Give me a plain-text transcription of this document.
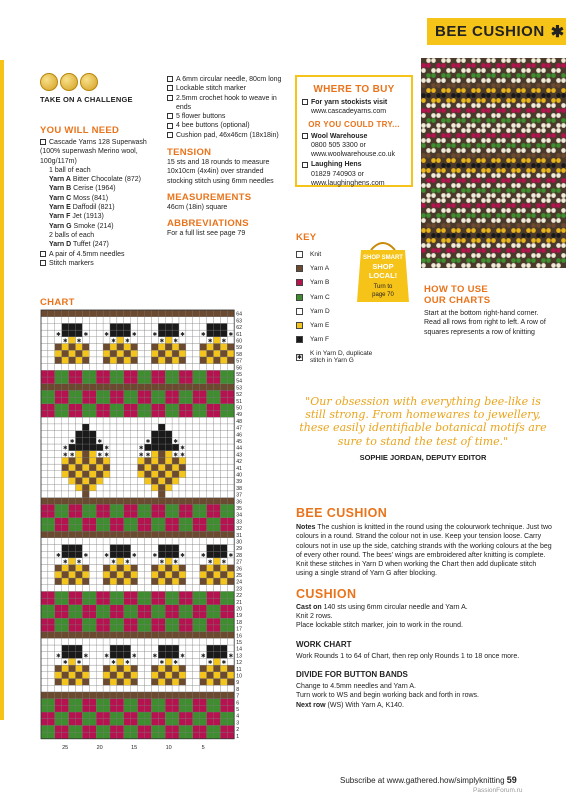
BEE CUSHION ✱
TAKE ON A CHALLENGE
YOU WILL NEED
Cascade Yarns 128 Superwash (100% superwash Merino wool, 100g/117m)
1 ball of each
Yarn A Bitter Chocolate (872)
Yarn B Cerise (1964)
Yarn C Moss (841)
Yarn E Daffodil (821)
Yarn F Jet (1913)
Yarn G Smoke (214)
2 balls of each
Yarn D Tuffet (247)
A pair of 4.5mm needles
Stitch markers
A 6mm circular needle, 80cm long
Lockable stitch marker
2.5mm crochet hook to weave in ends
5 flower buttons
4 bee buttons (optional)
Cushion pad, 46x46cm (18x18in)
TENSION
15 sts and 18 rounds to measure 10x10cm (4x4in) over stranded stocking stitch using 6mm needles
MEASUREMENTS
46cm (18in) square
ABBREVIATIONS
For a full list see page 79
WHERE TO BUY
For yarn stockists visit
www.cascadeyarns.com
OR YOU COULD TRY...
Wool Warehouse
0800 505 3300 or
www.woolwarehouse.co.uk
Laughing Hens
01829 740903 or
www.laughinghens.com
KEY
Knit
Yarn A
Yarn B
Yarn C
Yarn D
Yarn E
Yarn F
✱
K in Yarn D, duplicate stitch in Yarn G
SHOP SMART
SHOP
LOCAL!
Turn to
page 70	HOW TO USE
OUR CHARTS
Start at the bottom right-hand corner. Read all rows from right to left. A row of squares represents a row of knitting
"Our obsession with everything bee-like is still strong. From homewares to jewellery, these easily identifiable botanical motifs are sure to stand the test of time."
SOPHIE JORDAN, DEPUTY EDITOR
BEE CUSHION

Notes The cushion is knitted in the round using the colourwork technique. Just two colours in a round. Strand the colour not in use. Keep your tension loose. Carry colours not in use up the side, catching strands with the working colours at the beg of every other round. The bees' wings are embroidered after knitting is complete. Knit these stitches in Yarn D when working the Chart then add duplicate stitch using a single strand of Yarn G after blocking.

CUSHION

Cast on 140 sts using 6mm circular needle and Yarn A.

Knit 2 rows.

Place lockable stitch marker, join to work in the round.

WORK CHART

Work Rounds 1 to 64 of Chart, then rep only Rounds 1 to 18 once more.

DIVIDE FOR BUTTON BANDS

Change to 4.5mm needles and Yarn A.

Turn work to WS and begin working back and forth in rows.

Next row (WS) With Yarn A, K140.

CHART
✱ ✱	✱ ✱	✱ ✱	✱ ✱
✱	✱	✱	✱	✱	✱	✱	✱
✱ ✱	✱ ✱	✱ ✱	✱ ✱
✱	✱	✱	✱	✱	✱	✱	✱
✱ ✱	✱ ✱	✱ ✱	✱ ✱
✱	✱	✱	✱
✱	✱	✱	✱
✱ ✱	✱ ✱	✱ ✱	✱ ✱
✱	✱	✱	✱	✱	✱	✱	✱
64
63
62
61
60
59
58
57
56
55
54
53
52
51
50
49
48
47
46
45
44
43
42
41
40
39
38
37
36
35
34
33
32
31
30
29
28
27
26
25
24
23
22
21
20
19
18
17
16
15
14
13
12
11
10
9
8
7
6
5
4
3
2
1
25	20	15	10	5
Subscribe at www.gathered.how/simplyknitting 59
PassionForum.ru
